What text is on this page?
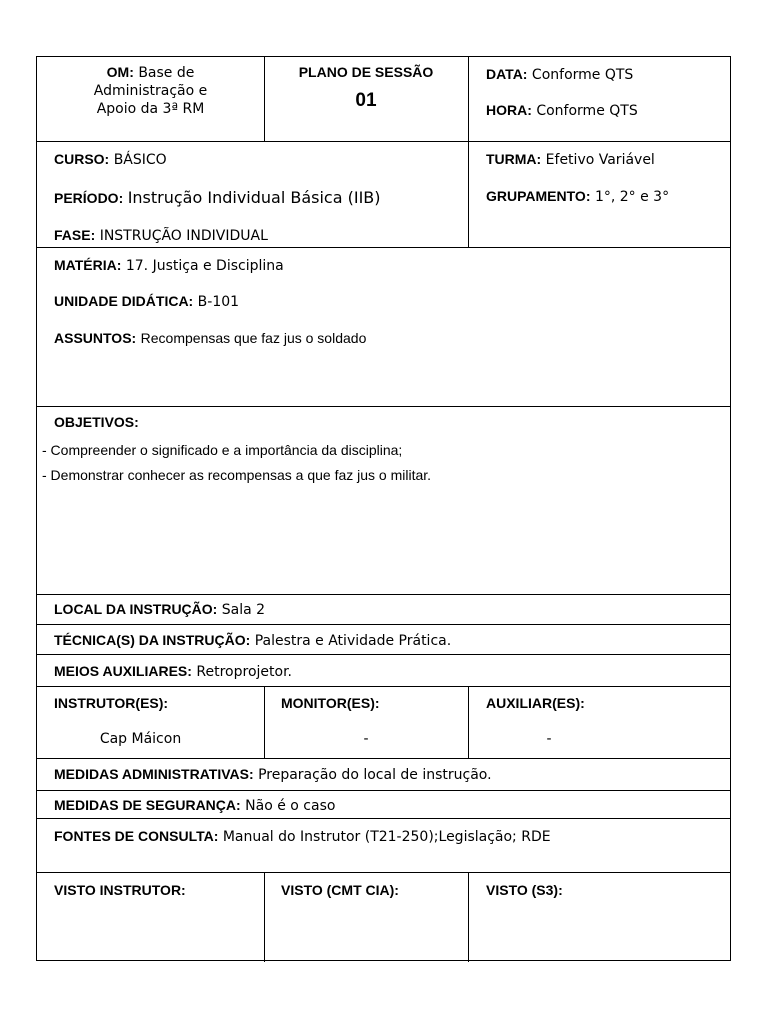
OM: Base de
Administração e
Apoio da 3ª RM
PLANO DE SESSÃO
01
DATA: Conforme QTS
HORA: Conforme QTS
CURSO: BÁSICO
PERÍODO: Instrução Individual Básica (IIB)
FASE: INSTRUÇÃO INDIVIDUAL
TURMA: Efetivo Variável
GRUPAMENTO: 1°, 2° e 3°
MATÉRIA: 17. Justiça e Disciplina
UNIDADE DIDÁTICA: B-101
ASSUNTOS: Recompensas que faz jus o soldado
OBJETIVOS:
- Compreender o significado e a importância da disciplina;
- Demonstrar conhecer as recompensas a que faz jus o militar.
LOCAL DA INSTRUÇÃO: Sala 2
TÉCNICA(S) DA INSTRUÇÃO: Palestra e Atividade Prática.
MEIOS AUXILIARES: Retroprojetor.
INSTRUTOR(ES):
Cap Máicon
MONITOR(ES):
-
AUXILIAR(ES):
-
MEDIDAS ADMINISTRATIVAS: Preparação do local de instrução.
MEDIDAS DE SEGURANÇA: Não é o caso
FONTES DE CONSULTA: Manual do Instrutor (T21-250);Legislação; RDE
VISTO INSTRUTOR:	VISTO (CMT CIA):	VISTO (S3):
